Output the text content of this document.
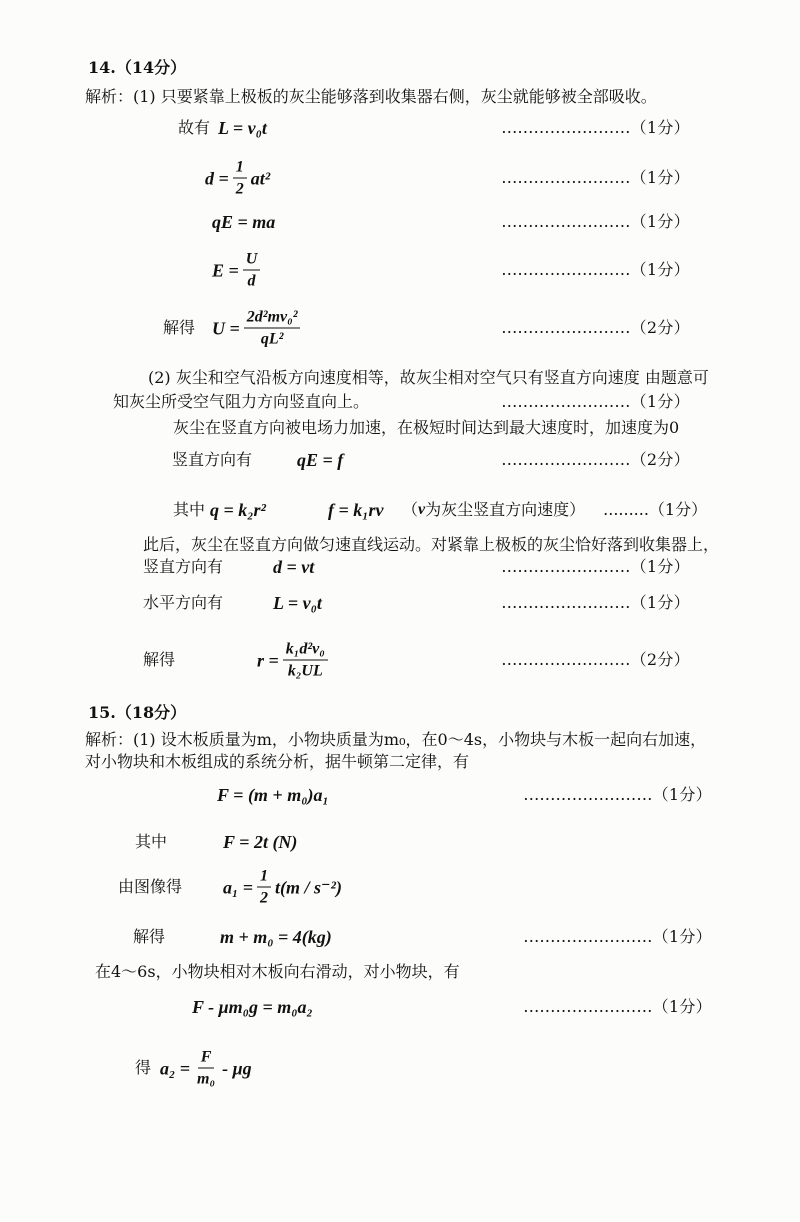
14.（14分）
解析：(1) 只要紧靠上极板的灰尘能够落到收集器右侧，灰尘就能够被全部吸收。
故有 L = v₀t	........................（1分）
$d = \frac{1}{2} at^2$	........................（1分）
qE = ma	........................（1分）
$E = \frac{U}{d}$	........................（1分）
解得 $U = \frac{\text{2d²mv₀²}}{\text{qL²}}$	........................（2分）
(2) 灰尘和空气沿板方向速度相等，故灰尘相对空气只有竖直方向速度 由题意可
知灰尘所受空气阻力方向竖直向上。	........................（1分）
灰尘在竖直方向被电场力加速，在极短时间达到最大速度时，加速度为0
竖直方向有 qE = f	........................（2分）
其中 q = k₂r²	f = k₁rv （ v 为灰尘竖直方向速度） .........（1分）
此后，灰尘在竖直方向做匀速直线运动。对紧靠上极板的灰尘恰好落到收集器上，
竖直方向有	d = vt	........................（1分）
水平方向有	L = v₀t	........................（1分）
解得	$r = \frac{\text{k₁d²v₀}}{\text{k₂UL}}$	........................（2分）
15.（18分）
解析：(1) 设木板质量为m，小物块质量为m₀，在0～4s，小物块与木板一起向右加速，
对小物块和木板组成的系统分析，据牛顿第二定律，有
F = (m + m₀)a₁	........................（1分）
其中	F = 2t (N)
由图像得 $a_1 = \frac{1}{2} t(m / s^{-2})$
解得	m + m₀ = 4(kg)	........................（1分）
在4～6s，小物块相对木板向右滑动，对小物块，有
F - μm₀g = m₀a₂	........................（1分）
得 $a_2 = \frac{F}{\text{m₀}} - \mu g$
